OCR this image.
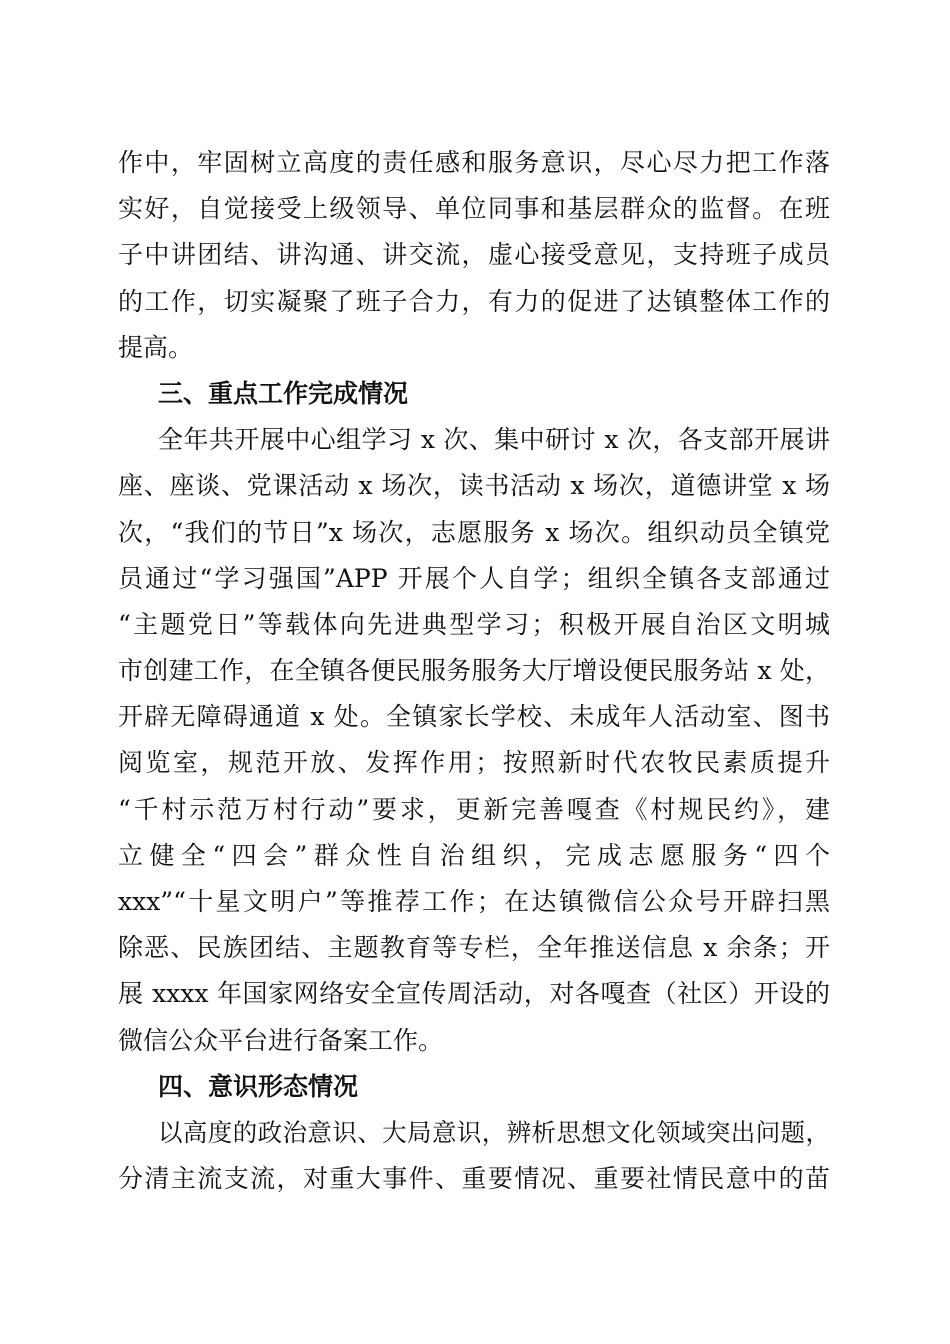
作中，牢固树立高度的责任感和服务意识，尽心尽力把工作落
实好，自觉接受上级领导、单位同事和基层群众的监督。在班
子中讲团结、讲沟通、讲交流，虚心接受意见，支持班子成员
的工作，切实凝聚了班子合力，有力的促进了达镇整体工作的
提高。
三、重点工作完成情况
全年共开展中心组学习 x 次、集中研讨 x 次，各支部开展讲
座、座谈、党课活动 x 场次，读书活动 x 场次，道德讲堂 x 场
次，“我们的节日”x 场次，志愿服务 x 场次。组织动员全镇党
员通过“学习强国”APP 开展个人自学；组织全镇各支部通过
“主题党日”等载体向先进典型学习；积极开展自治区文明城
市创建工作，在全镇各便民服务服务大厅增设便民服务站 x 处，
开辟无障碍通道 x 处。全镇家长学校、未成年人活动室、图书
阅览室，规范开放、发挥作用；按照新时代农牧民素质提升
“千村示范万村行动”要求，更新完善嘎查《村规民约》，建
立健全“四会”群众性自治组织，完成志愿服务“四个
xxx”“十星文明户”等推荐工作；在达镇微信公众号开辟扫黑
除恶、民族团结、主题教育等专栏，全年推送信息 x 余条；开
展 xxxx 年国家网络安全宣传周活动，对各嘎查（社区）开设的
微信公众平台进行备案工作。
四、意识形态情况
以高度的政治意识、大局意识，辨析思想文化领域突出问题，
分清主流支流，对重大事件、重要情况、重要社情民意中的苗
